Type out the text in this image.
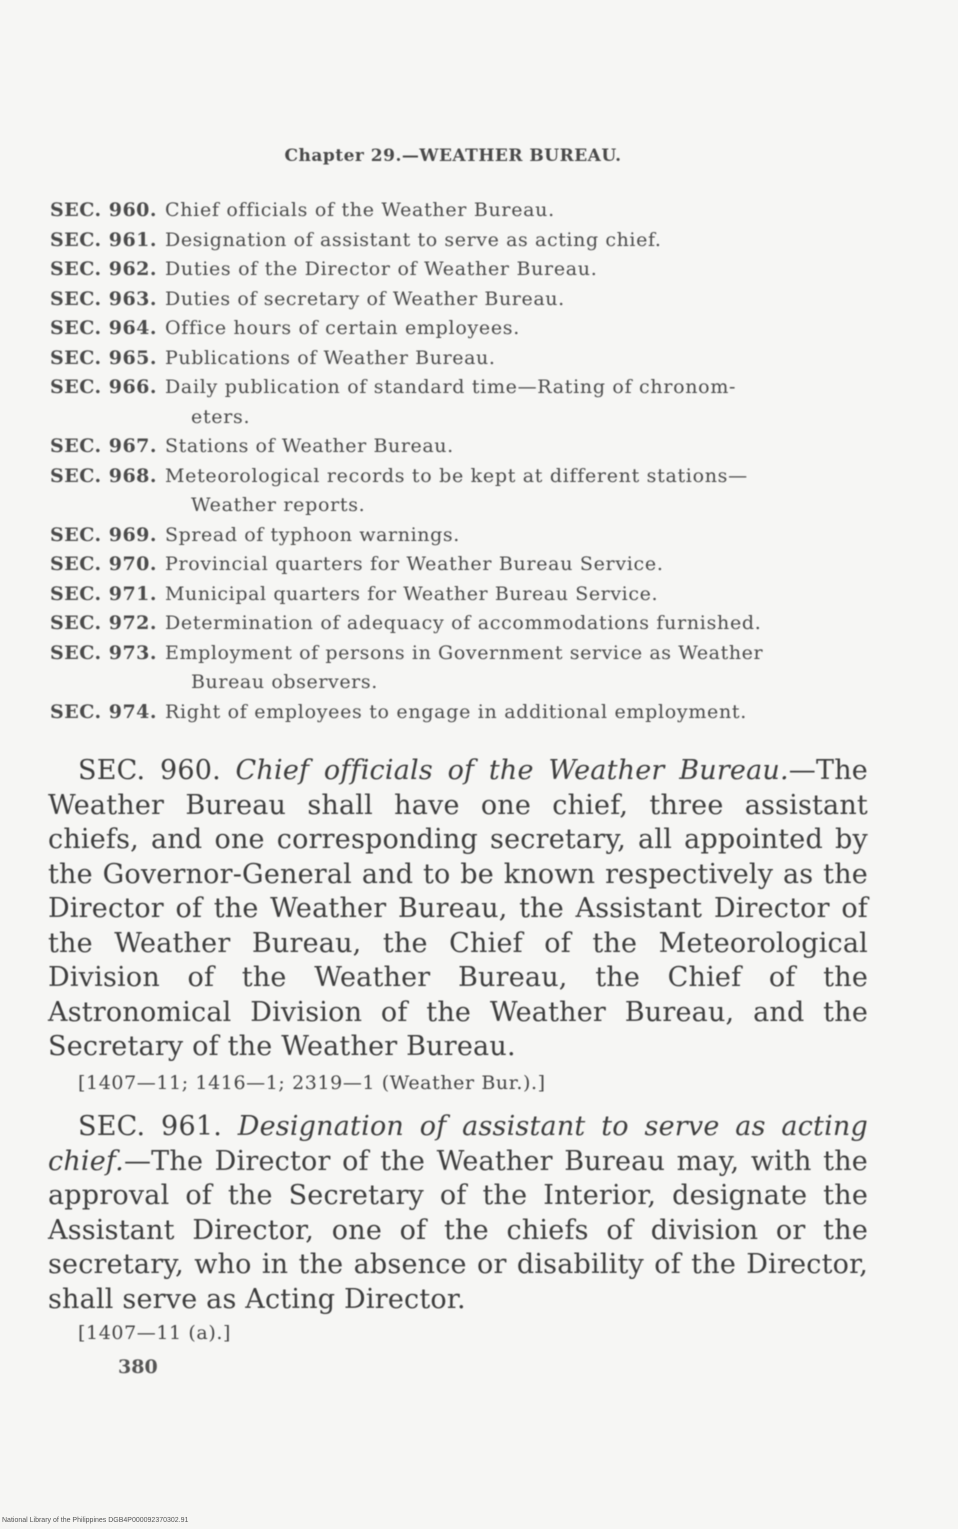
Chapter 29.—WEATHER BUREAU.
SEC. 960. Chief officials of the Weather Bureau.
SEC. 961. Designation of assistant to serve as acting chief.
SEC. 962. Duties of the Director of Weather Bureau.
SEC. 963. Duties of secretary of Weather Bureau.
SEC. 964. Office hours of certain employees.
SEC. 965. Publications of Weather Bureau.
SEC. 966. Daily publication of standard time—Rating of chronom-
eters.
SEC. 967. Stations of Weather Bureau.
SEC. 968. Meteorological records to be kept at different stations—
Weather reports.
SEC. 969. Spread of typhoon warnings.
SEC. 970. Provincial quarters for Weather Bureau Service.
SEC. 971. Municipal quarters for Weather Bureau Service.
SEC. 972. Determination of adequacy of accommodations furnished.
SEC. 973. Employment of persons in Government service as Weather
Bureau observers.
SEC. 974. Right of employees to engage in additional employment.

SEC. 960. Chief officials of the Weather Bureau.—The Weather Bureau shall have one chief, three assistant chiefs, and one corresponding secretary, all appointed by the Governor-General and to be known respectively as the Director of the Weather Bureau, the Assistant Director of the Weather Bureau, the Chief of the Meteorological Division of the Weather Bureau, the Chief of the Astronomical Division of the Weather Bureau, and the Secretary of the Weather Bureau.

[1407—11; 1416—1; 2319—1 (Weather Bur.).]

SEC. 961. Designation of assistant to serve as acting chief.—The Director of the Weather Bureau may, with the approval of the Secretary of the Interior, designate the Assistant Director, one of the chiefs of division or the secretary, who in the absence or disability of the Director, shall serve as Acting Director.

[1407—11 (a).]
380
National Library of the Philippines DGB4P000092370302.91
